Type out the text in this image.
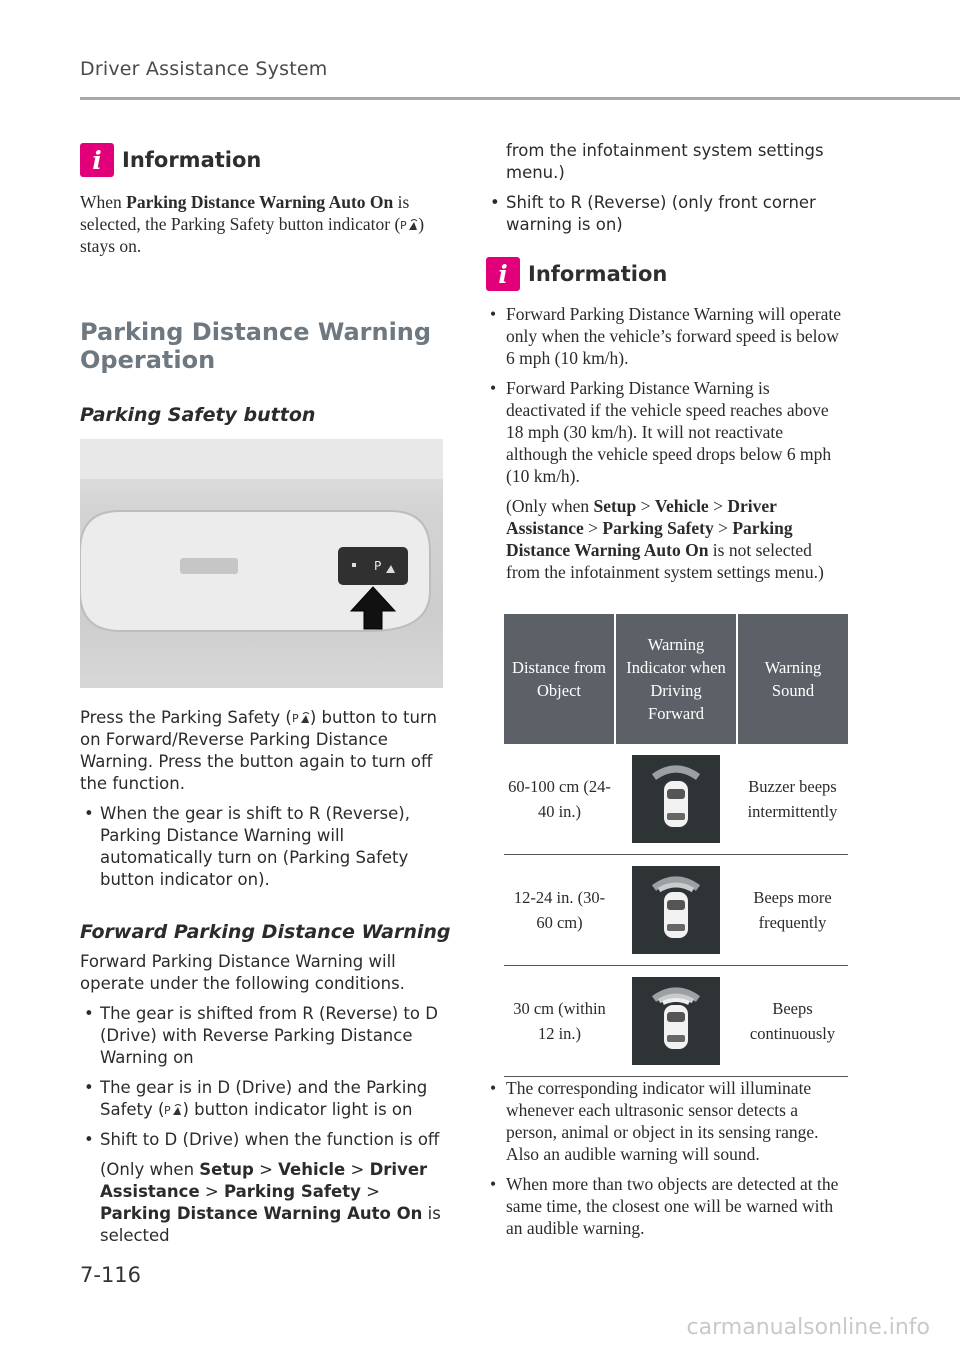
Driver Assistance System
i Information
When Parking Distance Warning Auto On is selected, the Parking Safety button indicator ( ) stays on.
Parking Distance Warning Operation
Parking Safety button
P
Press the Parking Safety ( ) button to turn on Forward/Reverse Parking Distance Warning. Press the button again to turn off the function.
• When the gear is shift to R (Reverse), Parking Distance Warning will automatically turn on (Parking Safety button indicator on).
Forward Parking Distance Warning
Forward Parking Distance Warning will operate under the following conditions.
• The gear is shifted from R (Reverse) to D (Drive) with Reverse Parking Distance Warning on
• The gear is in D (Drive) and the Parking Safety ( ) button indicator light is on
• Shift to D (Drive) when the function is off
(Only when Setup > Vehicle > Driver Assistance > Parking Safety > Parking Distance Warning Auto On is selected
from the infotainment system settings menu.)
• Shift to R (Reverse) (only front corner warning is on)
i Information
• Forward Parking Distance Warning will operate only when the vehicle’s forward speed is below 6 mph (10 km/h).
• Forward Parking Distance Warning is deactivated if the vehicle speed reaches above 18 mph (30 km/h). It will not reactivate although the vehicle speed drops below 6 mph (10 km/h).
(Only when Setup > Vehicle > Driver Assistance > Parking Safety > Parking Distance Warning Auto On is not selected from the infotainment system settings menu.)
Distance from Object	Warning Indicator when Driving Forward	Warning Sound
60-100 cm (24-40 in.)		Buzzer beeps intermittently
12-24 in. (30-60 cm)		Beeps more frequently
30 cm (within 12 in.)		Beeps continuously
• The corresponding indicator will illuminate whenever each ultrasonic sensor detects a person, animal or object in its sensing range. Also an audible warning will sound.
• When more than two objects are detected at the same time, the closest one will be warned with an audible warning.
7-116
carmanualsonline.info
